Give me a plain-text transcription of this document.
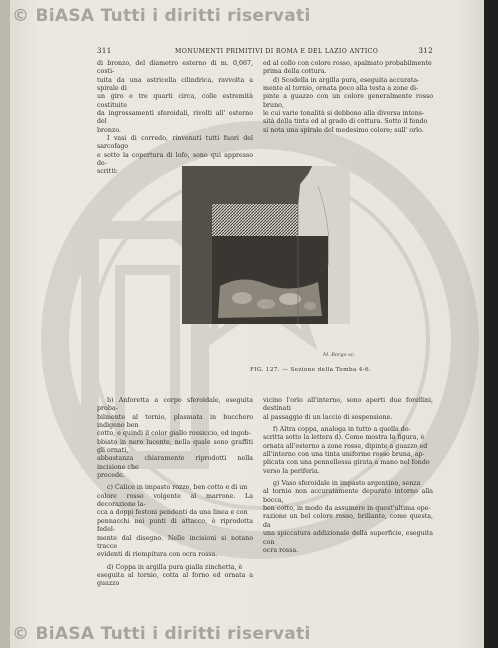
© BiASA Tutti i diritti riservati
© BiASA Tutti i diritti riservati
311	MONUMENTI PRIMITIVI DI ROMA E DEL LAZIO ANTICO	312

di bronzo, del diametro esterno di m. 0,067, costi-

tuita da una astricella cilindrica, ravvolta a spirale di

un giro e tre quarti circa, colle estremità costituite

da ingrossamenti sferoidali, rivolti all' esterno del

bronzo.

I vasi di corredo, rinvenuti tutti fuori del sarcofago

e sotto la copertura di lofo, sono qui appresso de-

scritti:

ed al collo con colore rosso, spalmato probabilmente

prima della cottura.

d) Scodella in argilla pura, eseguita accurata-

mente al tornio, ornata poco alla testa a zone di-

pinte a guazzo con un colore generalmente rosso bruno,

le cui varie tonalità si debbono alla diversa intens-

sità della tinta ed al grado di cottura. Sotto il fondo

si nota una spirale del medesimo colore; sull' orlo.

M. Borgo sc.
FIG. 127. — Sezione della Tomba 4-6.

b) Anforetta a corpo sferoidale, eseguita proba-

bilmente al tornio, plasmata in bucchero indigeno ben

cotto, e quindi il color giallo rossiccio, ed ingob-

bbiato in nero lucente, nella quale sono graffiti gli ornati,

abbastanza chiaramente riprodotti nella incisione che

precede.

c) Calice in impasto rozzo, ben cotto e di un

colore rosso volgente al marrone. La decorazione la-

cca a doppi festoni pendenti da una linea e con

pennacchi nei punti di attacco, è riprodotta fedel-

mente dal disegno. Nelle incisioni si notano tracce

evidenti di riempitura con ocra rossa.

d) Coppa in argilla pura gialla zinchetta, è

eseguita al tornio, cotta al forno ed ornata a guazzo

vicino l'orlo all'interno, sono aperti due forellini, destinati

al passaggio di un laccio di sospensione.

f) Altra coppa, analoga in tutto a quella de-

scritta sotto la lettera d). Come mostra la figura, è

ornata all'esterno a zone rosse, dipinte a guazzo ed

all'interno con una tinta uniforme rosso bruna, ap-

plicata con una pennellessa girata a mano nel fondo

verso la periferia.

g) Vaso sferoidale in impasto argentino, senza

al tornio non accuratamente depurato intorno alla bocca,

ben cotto, in modo da assumere in quest'ultima ope-

razione un bel colore rosso, brillante, come questa, da

una spiccatura addizionale della superficie, eseguita con

ocra rossa.
